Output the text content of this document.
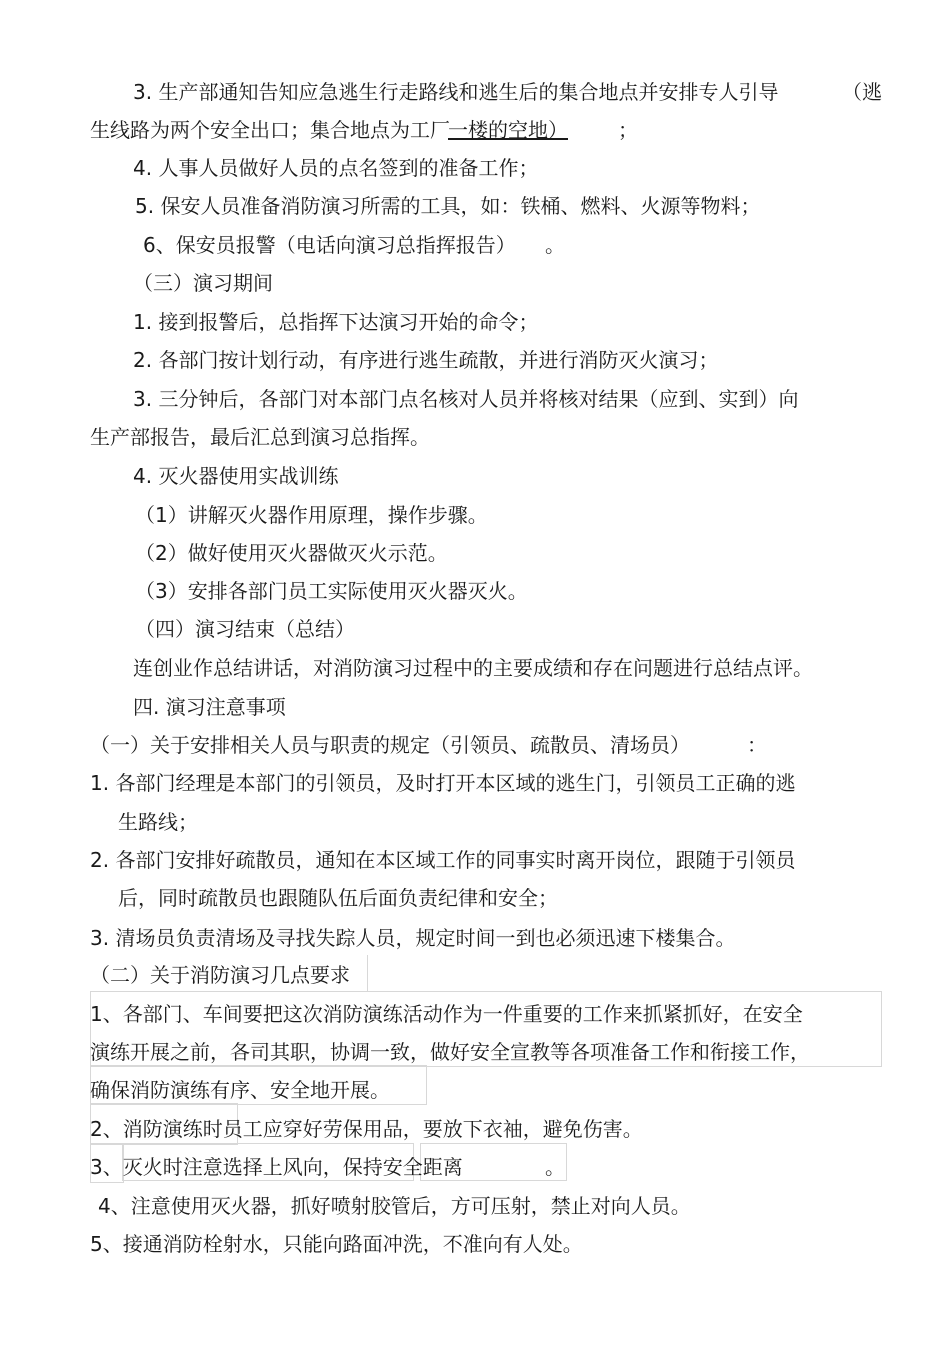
3. 生产部通知告知应急逃生行走路线和逃生后的集合地点并安排专人引导	（逃
生线路为两个安全出口；集合地点为工厂
一楼的空地）	；
4. 人事人员做好人员的点名签到的准备工作；
5. 保安人员准备消防演习所需的工具，如：铁桶、燃料、火源等物料；
6、保安员报警（电话向演习总指挥报告） 。
（三）演习期间
1. 接到报警后，总指挥下达演习开始的命令；
2. 各部门按计划行动，有序进行逃生疏散，并进行消防灭火演习；
3. 三分钟后，各部门对本部门点名核对人员并将核对结果（应到、实到）向
生产部报告，最后汇总到演习总指挥。
4. 灭火器使用实战训练
（1）讲解灭火器作用原理，操作步骤。
（2）做好使用灭火器做灭火示范。
（3）安排各部门员工实际使用灭火器灭火。
（四）演习结束（总结）
连创业作总结讲话，对消防演习过程中的主要成绩和存在问题进行总结点评。
四. 演习注意事项
（一）关于安排相关人员与职责的规定（引领员、疏散员、清场员）	：
1. 各部门经理是本部门的引领员，及时打开本区域的逃生门，引领员工正确的逃
生路线；
2. 各部门安排好疏散员，通知在本区域工作的同事实时离开岗位，跟随于引领员
后，同时疏散员也跟随队伍后面负责纪律和安全；
3. 清场员负责清场及寻找失踪人员，规定时间一到也必须迅速下楼集合。
（二）关于消防演习几点要求
1、各部门、车间要把这次消防演练活动作为一件重要的工作来抓紧抓好，在安全
演练开展之前，各司其职，协调一致，做好安全宣教等各项准备工作和衔接工作，
确保消防演练有序、安全地开展。
2、消防演练时员工应穿好劳保用品，要放下衣袖，避免伤害。
3、灭火时注意选择上风向，保持安全距离	。
4、注意使用灭火器，抓好喷射胶管后，方可压射，禁止对向人员。
5、接通消防栓射水，只能向路面冲洗，不准向有人处。
